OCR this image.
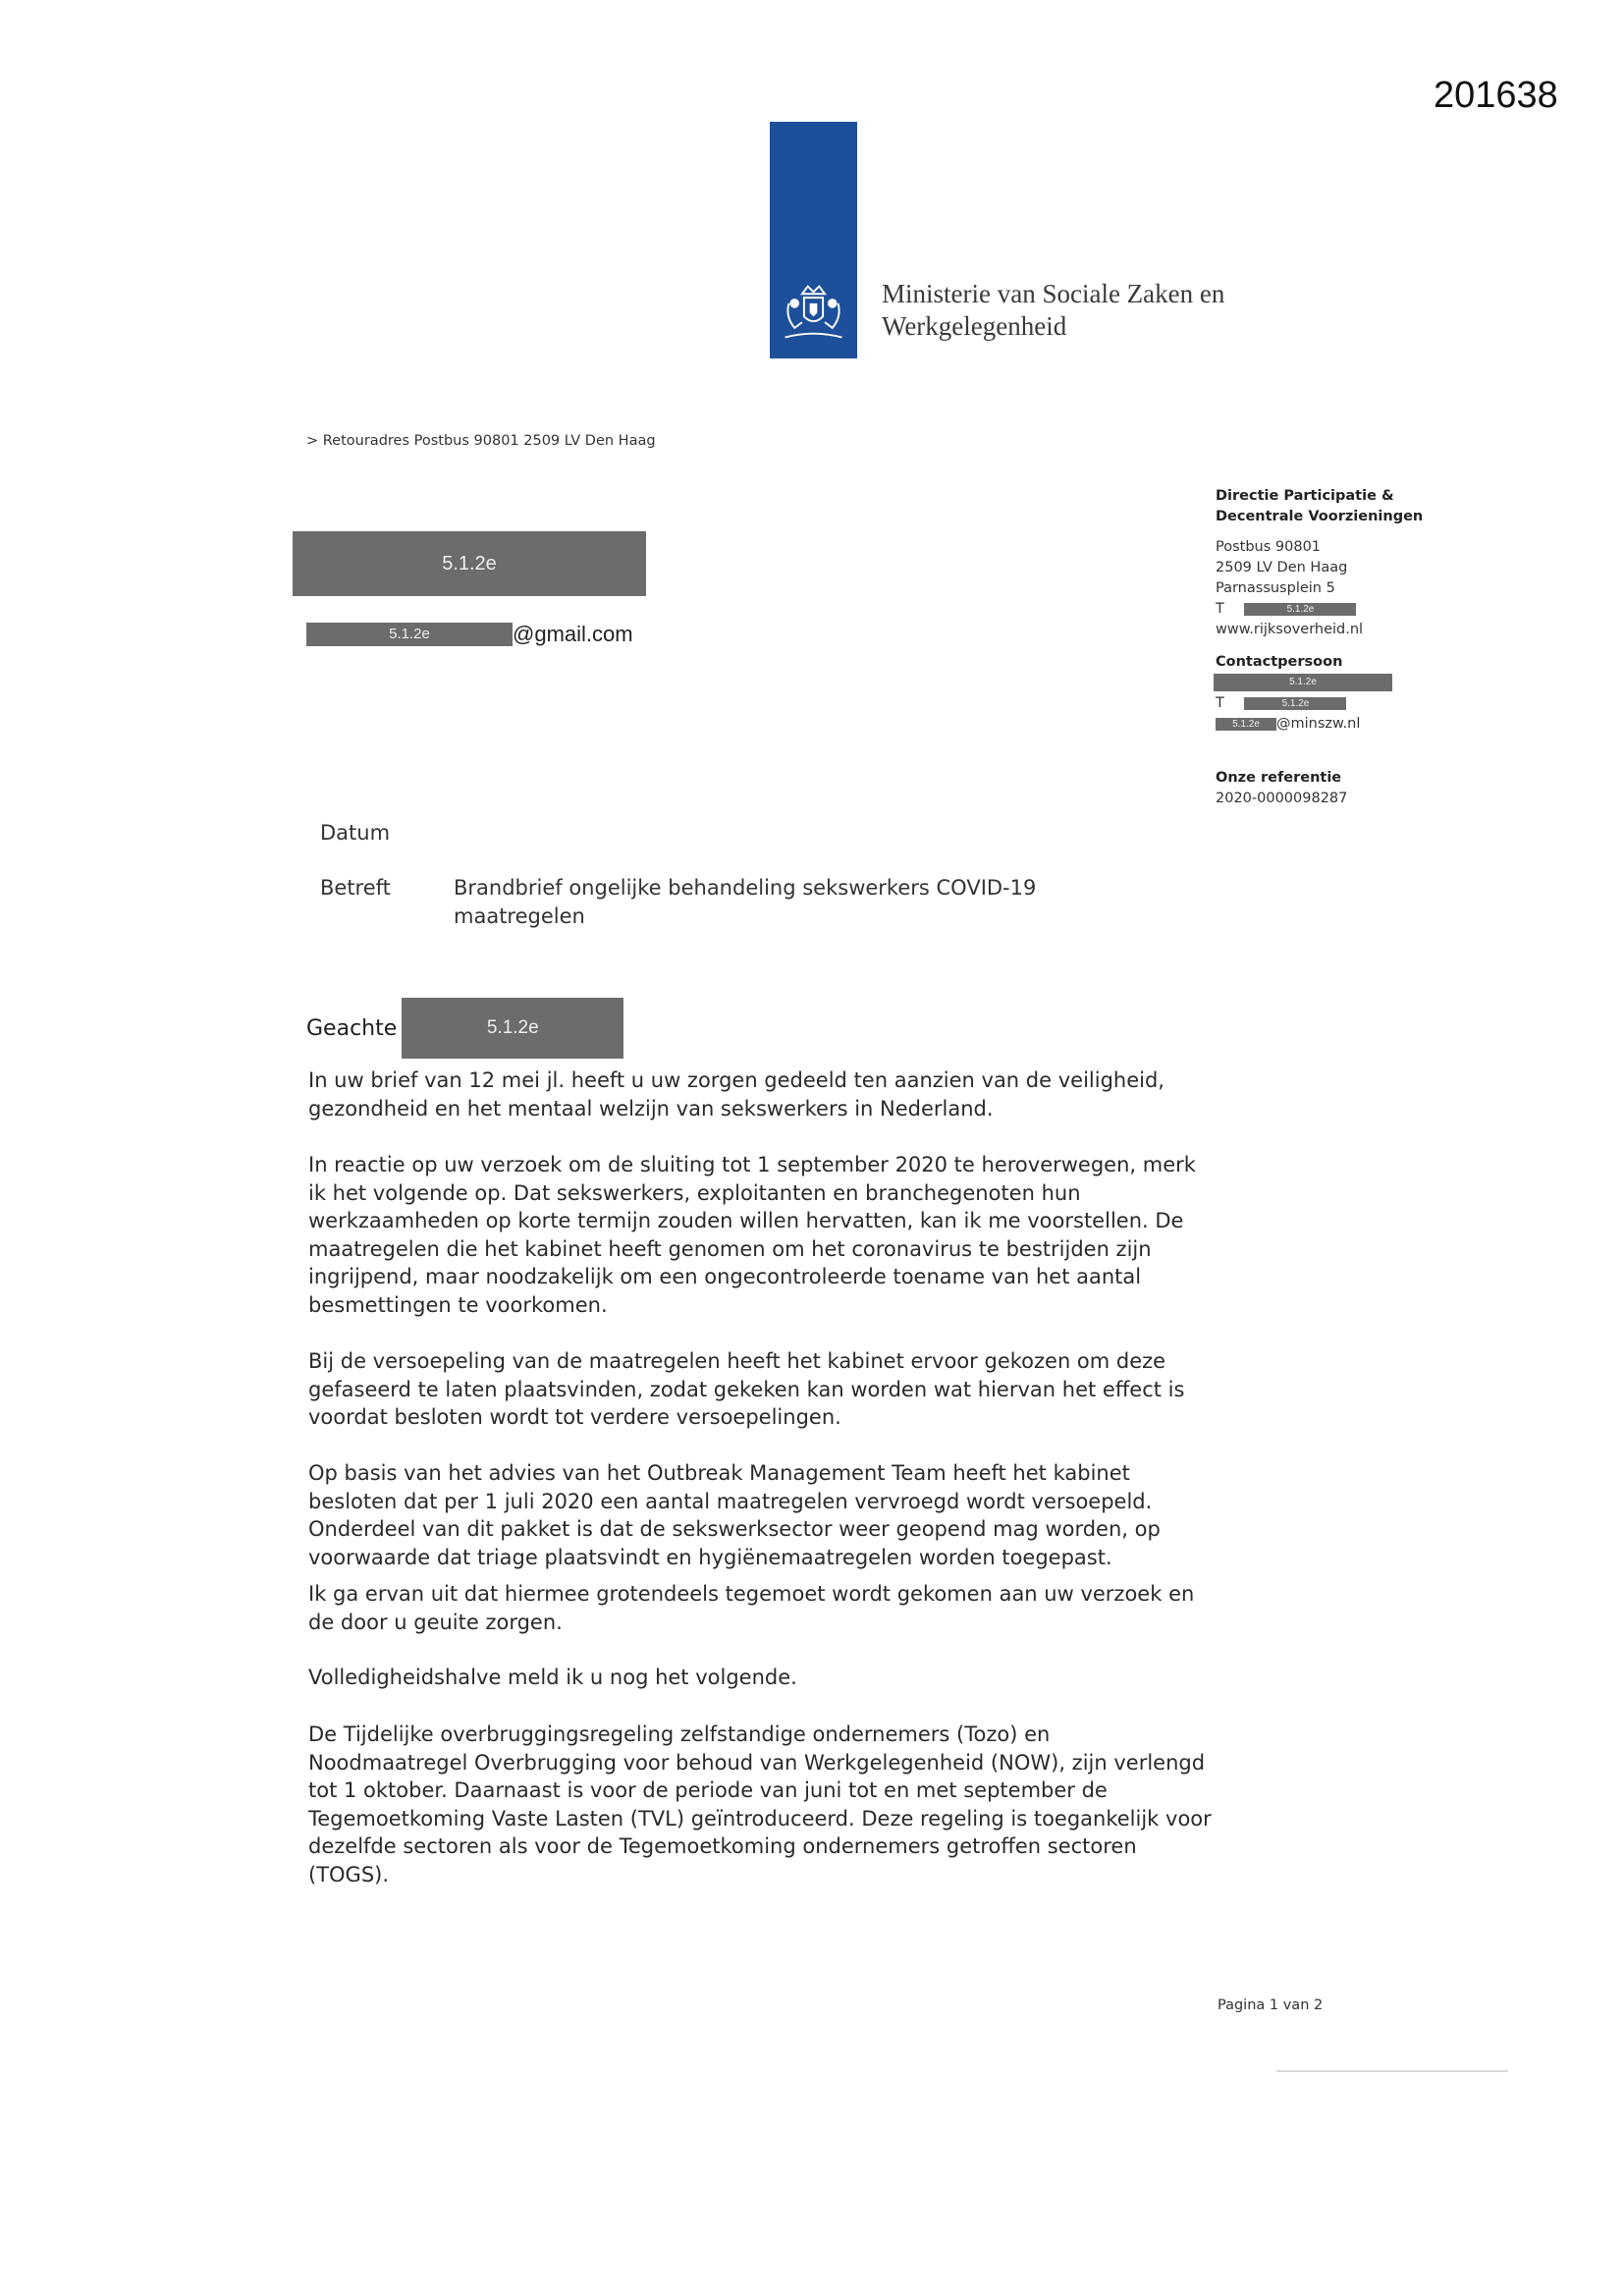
201638
Ministerie van Sociale Zaken en
Werkgelegenheid
> Retouradres Postbus 90801 2509 LV Den Haag
5.1.2e
5.1.2e	@gmail.com
Directie Participatie &
Decentrale Voorzieningen
Postbus 90801
2509 LV Den Haag
Parnassusplein 5
T	5.1.2e
www.rijksoverheid.nl
Contactpersoon
5.1.2e
T	5.1.2e
5.1.2e @minszw.nl
Onze referentie
2020-0000098287
Datum
Betreft	Brandbrief ongelijke behandeling sekswerkers COVID-19 maatregelen
Geachte	5.1.2e

In uw brief van 12 mei jl. heeft u uw zorgen gedeeld ten aanzien van de veiligheid, gezondheid en het mentaal welzijn van sekswerkers in Nederland.

In reactie op uw verzoek om de sluiting tot 1 september 2020 te heroverwegen, merk ik het volgende op. Dat sekswerkers, exploitanten en branchegenoten hun werkzaamheden op korte termijn zouden willen hervatten, kan ik me voorstellen. De maatregelen die het kabinet heeft genomen om het coronavirus te bestrijden zijn ingrijpend, maar noodzakelijk om een ongecontroleerde toename van het aantal besmettingen te voorkomen.

Bij de versoepeling van de maatregelen heeft het kabinet ervoor gekozen om deze gefaseerd te laten plaatsvinden, zodat gekeken kan worden wat hiervan het effect is voordat besloten wordt tot verdere versoepelingen.

Op basis van het advies van het Outbreak Management Team heeft het kabinet besloten dat per 1 juli 2020 een aantal maatregelen vervroegd wordt versoepeld. Onderdeel van dit pakket is dat de sekswerksector weer geopend mag worden, op voorwaarde dat triage plaatsvindt en hygiënemaatregelen worden toegepast.

Ik ga ervan uit dat hiermee grotendeels tegemoet wordt gekomen aan uw verzoek en de door u geuite zorgen.

Volledigheidshalve meld ik u nog het volgende.

De Tijdelijke overbruggingsregeling zelfstandige ondernemers (Tozo) en Noodmaatregel Overbrugging voor behoud van Werkgelegenheid (NOW), zijn verlengd tot 1 oktober. Daarnaast is voor de periode van juni tot en met september de Tegemoetkoming Vaste Lasten (TVL) geïntroduceerd. Deze regeling is toegankelijk voor dezelfde sectoren als voor de Tegemoetkoming ondernemers getroffen sectoren (TOGS).

Pagina 1 van 2
